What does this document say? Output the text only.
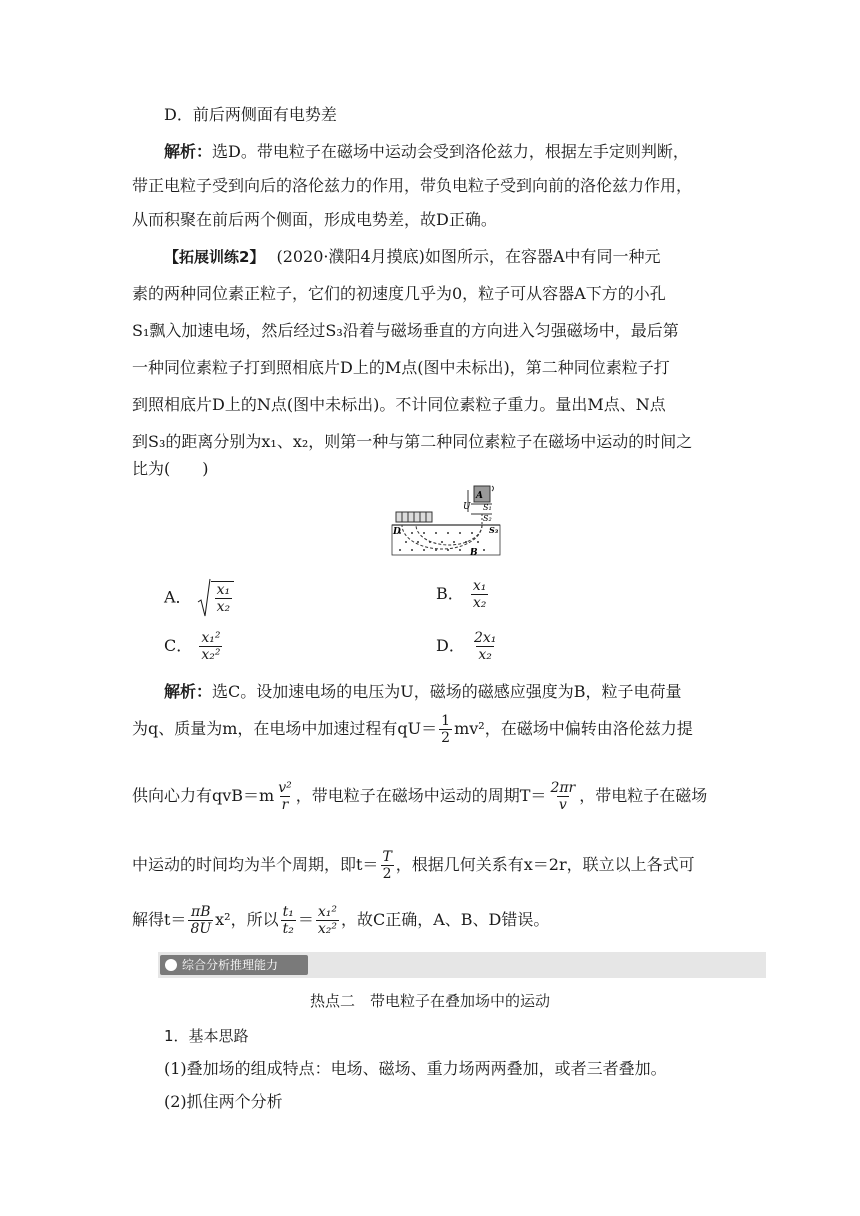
D．前后两侧面有电势差
解析：选D。带电粒子在磁场中运动会受到洛伦兹力，根据左手定则判断，
带正电粒子受到向后的洛伦兹力的作用，带负电粒子受到向前的洛伦兹力作用，
从而积聚在前后两个侧面，形成电势差，故D正确。
【拓展训练2】 (2020·濮阳4月摸底)如图所示，在容器A中有同一种元
素的两种同位素正粒子，它们的初速度几乎为0，粒子可从容器A下方的小孔
S₁飘入加速电场，然后经过S₃沿着与磁场垂直的方向进入匀强磁场中，最后第
一种同位素粒子打到照相底片D上的M点(图中未标出)，第二种同位素粒子打
到照相底片D上的N点(图中未标出)。不计同位素粒子重力。量出M点、N点
到S₃的距离分别为x₁、x₂，则第一种与第二种同位素粒子在磁场中运动的时间之
比为(　　)
A
U S₁
S₂
S₃
D
B
A． $\frac{\text{x₁}}{\text{x₂}}$	B． $\frac{\text{x₁}}{\text{x₂}}$
C． $\frac{\text{x₁²}}{\text{x₂²}}$	D． $\frac{\text{2x₁}}{\text{x₂}}$
解析：选C。设加速电场的电压为U，磁场的磁感应强度为B，粒子电荷量
为q、质量为m，在电场中加速过程有$qU= \frac{1}{2} mv^2$，在磁场中偏转由洛伦兹力提
供向心力有$qvB=m \frac{\text{v²}}{r}$ ，带电粒子在磁场中运动的周期$T= \frac{2\pi r}{v}$ ，带电粒子在磁场
中运动的时间均为半个周期，即$t= \frac{T}{2}$ ，根据几何关系有x＝2r，联立以上各式可
解得$t= \frac{\pi B}{8U} x^2$，所以 $\frac{\text{t₁}}{\text{t₂}} = \frac{\text{x₁²}}{\text{x₂²}}$ ，故C正确，A、B、D错误。
综合分析推理能力
热点二　带电粒子在叠加场中的运动
1．基本思路
(1)叠加场的组成特点：电场、磁场、重力场两两叠加，或者三者叠加。
(2)抓住两个分析
